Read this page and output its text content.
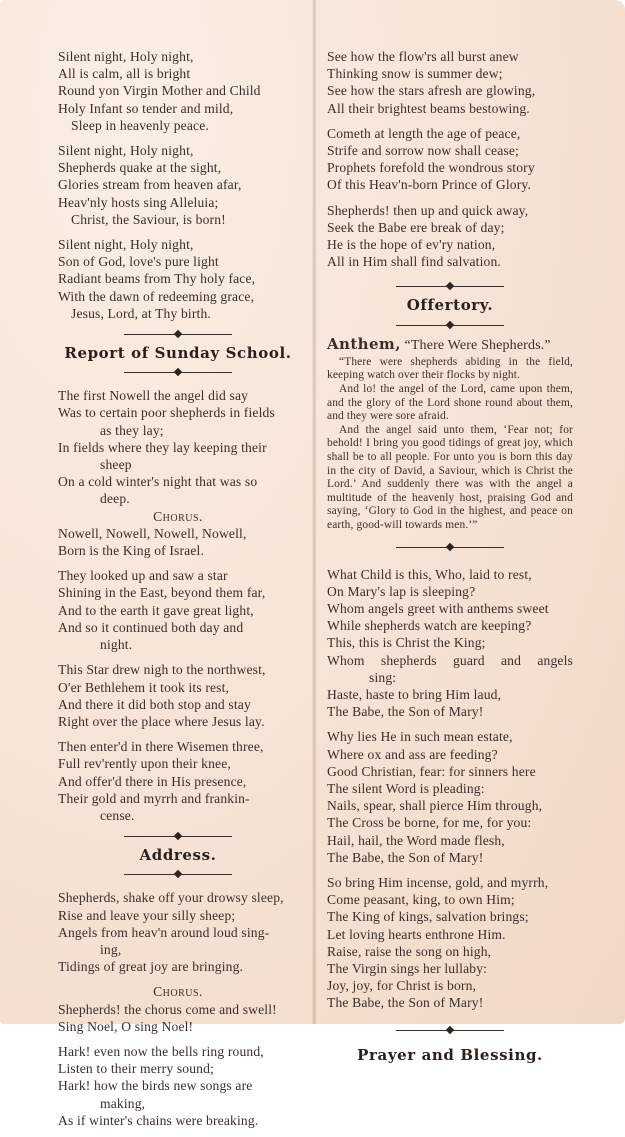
Silent night, Holy night,
All is calm, all is bright
Round yon Virgin Mother and Child
Holy Infant so tender and mild,
Sleep in heavenly peace.
Silent night, Holy night,
Shepherds quake at the sight,
Glories stream from heaven afar,
Heav'nly hosts sing Alleluia;
Christ, the Saviour, is born!
Silent night, Holy night,
Son of God, love's pure light
Radiant beams from Thy holy face,
With the dawn of redeeming grace,
Jesus, Lord, at Thy birth.
Report of Sunday School.
The first Nowell the angel did say
Was to certain poor shepherds in fields
as they lay;
In fields where they lay keeping their
sheep
On a cold winter's night that was so
deep.
Chorus.
Nowell, Nowell, Nowell, Nowell,
Born is the King of Israel.
They looked up and saw a star
Shining in the East, beyond them far,
And to the earth it gave great light,
And so it continued both day and
night.
This Star drew nigh to the northwest,
O'er Bethlehem it took its rest,
And there it did both stop and stay
Right over the place where Jesus lay.
Then enter'd in there Wisemen three,
Full rev'rently upon their knee,
And offer'd there in His presence,
Their gold and myrrh and frankin-
cense.
Address.
Shepherds, shake off your drowsy sleep,
Rise and leave your silly sheep;
Angels from heav'n around loud sing-
ing,
Tidings of great joy are bringing.
Chorus.
Shepherds! the chorus come and swell!
Sing Noel, O sing Noel!
Hark! even now the bells ring round,
Listen to their merry sound;
Hark! how the birds new songs are
making,
As if winter's chains were breaking.
See how the flow'rs all burst anew
Thinking snow is summer dew;
See how the stars afresh are glowing,
All their brightest beams bestowing.
Cometh at length the age of peace,
Strife and sorrow now shall cease;
Prophets forefold the wondrous story
Of this Heav'n-born Prince of Glory.
Shepherds! then up and quick away,
Seek the Babe ere break of day;
He is the hope of ev'ry nation,
All in Him shall find salvation.
Offertory.
Anthem, “There Were Shepherds.”

“There were shepherds abiding in the field, keeping watch over their flocks by night.

And lo! the angel of the Lord, came upon them, and the glory of the Lord shone round about them, and they were sore afraid.

And the angel said unto them, ‘Fear not; for behold! I bring you good tidings of great joy, which shall be to all people. For unto you is born this day in the city of David, a Saviour, which is Christ the Lord.’ And suddenly there was with the angel a multitude of the heavenly host, praising God and saying, ‘Glory to God in the highest, and peace on earth, good-will towards men.’”

What Child is this, Who, laid to rest,
On Mary's lap is sleeping?
Whom angels greet with anthems sweet
While shepherds watch are keeping?
This, this is Christ the King;
Whom shepherds guard and angels
sing:
Haste, haste to bring Him laud,
The Babe, the Son of Mary!
Why lies He in such mean estate,
Where ox and ass are feeding?
Good Christian, fear: for sinners here
The silent Word is pleading:
Nails, spear, shall pierce Him through,
The Cross be borne, for me, for you:
Hail, hail, the Word made flesh,
The Babe, the Son of Mary!
So bring Him incense, gold, and myrrh,
Come peasant, king, to own Him;
The King of kings, salvation brings;
Let loving hearts enthrone Him.
Raise, raise the song on high,
The Virgin sings her lullaby:
Joy, joy, for Christ is born,
The Babe, the Son of Mary!
Prayer and Blessing.
